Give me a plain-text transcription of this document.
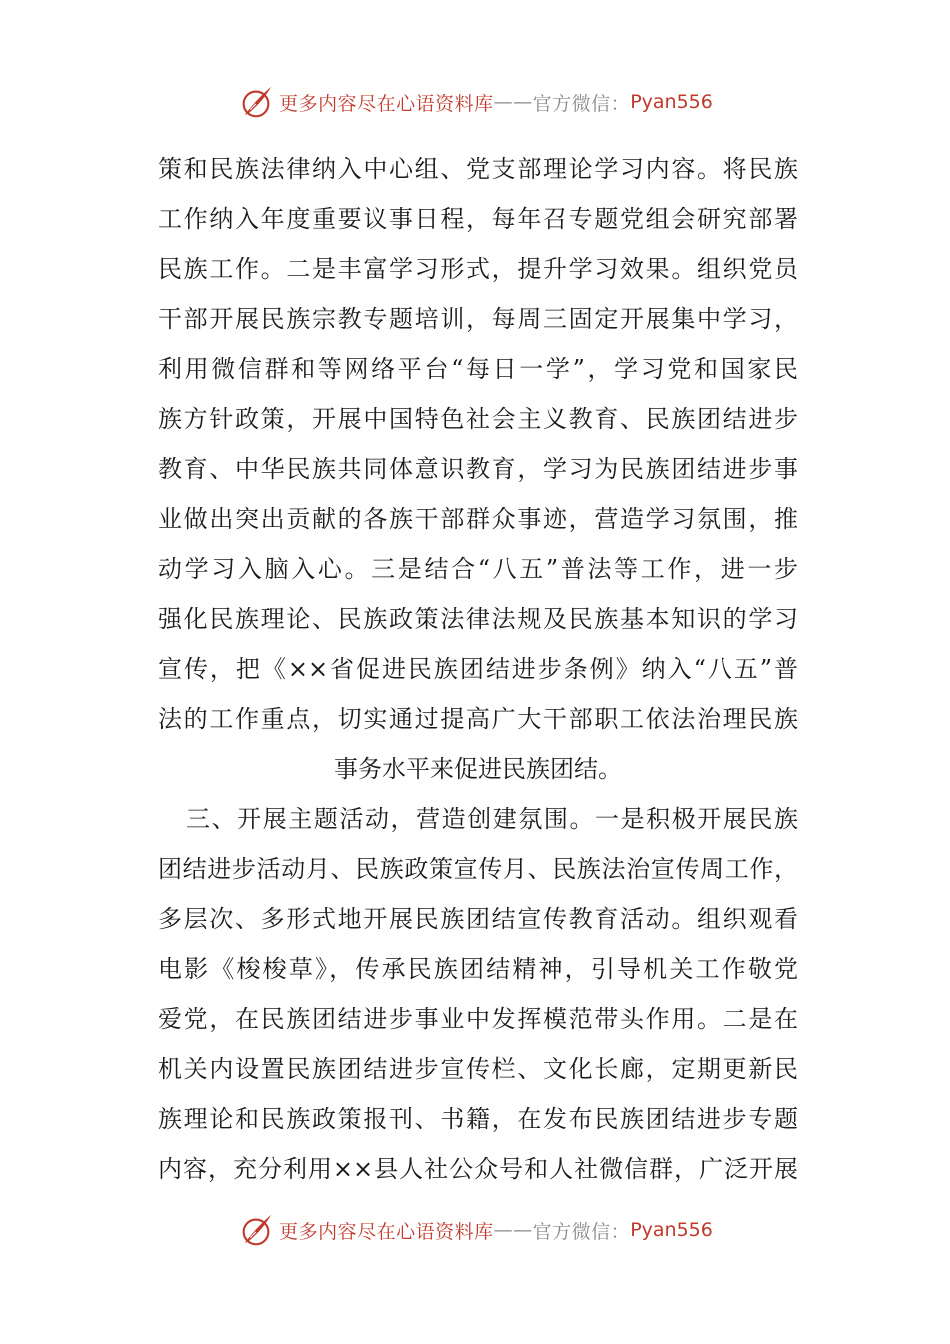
更多内容尽在心语资料库 —— 官方微信： Pyan556
策和民族法律纳入中心组、党支部理论学习内容。将民族
工作纳入年度重要议事日程，每年召专题党组会研究部署
民族工作。二是丰富学习形式，提升学习效果。组织党员
干部开展民族宗教专题培训，每周三固定开展集中学习，
利用微信群和等网络平台“每日一学”，学习党和国家民
族方针政策，开展中国特色社会主义教育、民族团结进步
教育、中华民族共同体意识教育，学习为民族团结进步事
业做出突出贡献的各族干部群众事迹，营造学习氛围，推
动学习入脑入心。三是结合“八五”普法等工作，进一步
强化民族理论、民族政策法律法规及民族基本知识的学习
宣传，把《××省促进民族团结进步条例》纳入“八五”普
法的工作重点，切实通过提高广大干部职工依法治理民族
事务水平来促进民族团结。
三、开展主题活动，营造创建氛围。一是积极开展民族
团结进步活动月、民族政策宣传月、民族法治宣传周工作，
多层次、多形式地开展民族团结宣传教育活动。组织观看
电影《梭梭草》，传承民族团结精神，引导机关工作敬党
爱党，在民族团结进步事业中发挥模范带头作用。二是在
机关内设置民族团结进步宣传栏、文化长廊，定期更新民
族理论和民族政策报刊、书籍，在发布民族团结进步专题
内容，充分利用××县人社公众号和人社微信群，广泛开展
更多内容尽在心语资料库 —— 官方微信： Pyan556
